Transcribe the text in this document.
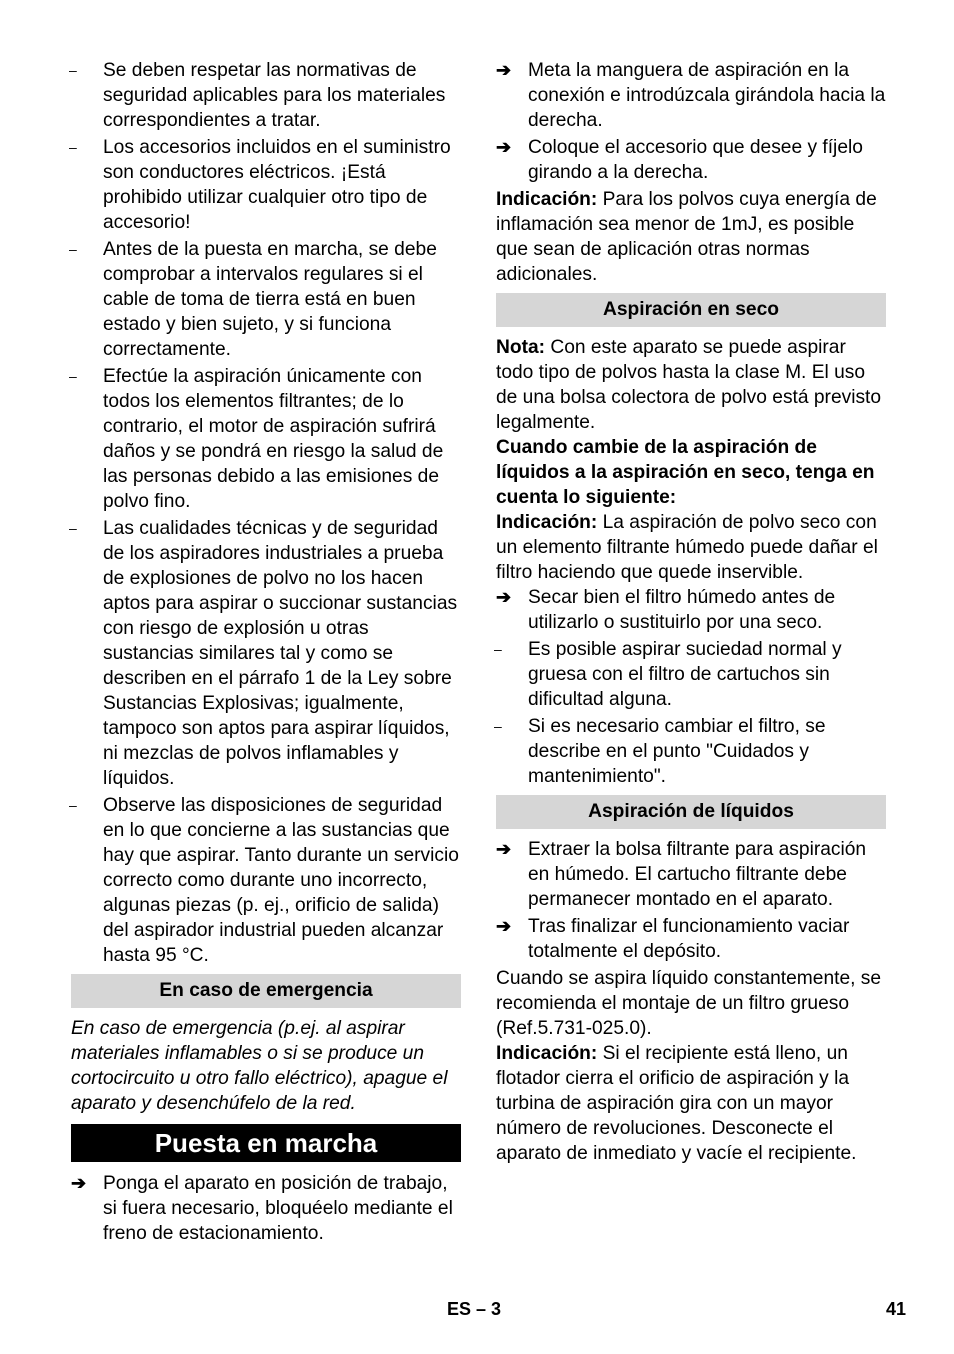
– Se deben respetar las normativas de seguridad aplicables para los materiales correspondientes a tratar.
– Los accesorios incluidos en el suministro son conductores eléctricos. ¡Está prohibido utilizar cualquier otro tipo de accesorio!
– Antes de la puesta en marcha, se debe comprobar a intervalos regulares si el cable de toma de tierra está en buen estado y bien sujeto, y si funciona correctamente.
– Efectúe la aspiración únicamente con todos los elementos filtrantes; de lo contrario, el motor de aspiración sufrirá daños y se pondrá en riesgo la salud de las personas debido a las emisiones de polvo fino.
– Las cualidades técnicas y de seguridad de los aspiradores industriales a prueba de explosiones de polvo no los hacen aptos para aspirar o succionar sustancias con riesgo de explosión u otras sustancias similares tal y como se describen en el párrafo 1 de la Ley sobre Sustancias Explosivas; igualmente, tampoco son aptos para aspirar líquidos, ni mezclas de polvos inflamables y líquidos.
– Observe las disposiciones de seguridad en lo que concierne a las sustancias que hay que aspirar. Tanto durante un servicio correcto como durante uno incorrecto, algunas piezas (p. ej., orificio de salida) del aspirador industrial pueden alcanzar hasta 95 °C.
En caso de emergencia

En caso de emergencia (p.ej. al aspirar materiales inflamables o si se produce un cortocircuito u otro fallo eléctrico), apague el aparato y desenchúfelo de la red.

Puesta en marcha
➔ Ponga el aparato en posición de trabajo, si fuera necesario, bloquéelo mediante el freno de estacionamiento.
➔ Meta la manguera de aspiración en la conexión e introdúzcala girándola hacia la derecha.
➔ Coloque el accesorio que desee y fíjelo girando a la derecha.

Indicación: Para los polvos cuya energía de inflamación sea menor de 1mJ, es posible que sean de aplicación otras normas adicionales.

Aspiración en seco

Nota: Con este aparato se puede aspirar todo tipo de polvos hasta la clase M. El uso de una bolsa colectora de polvo está previsto legalmente.

Cuando cambie de la aspiración de líquidos a la aspiración en seco, tenga en cuenta lo siguiente:

Indicación: La aspiración de polvo seco con un elemento filtrante húmedo puede dañar el filtro haciendo que quede inservible.

➔ Secar bien el filtro húmedo antes de utilizarlo o sustituirlo por una seco.
– Es posible aspirar suciedad normal y gruesa con el filtro de cartuchos sin dificultad alguna.
– Si es necesario cambiar el filtro, se describe en el punto "Cuidados y mantenimiento".
Aspiración de líquidos
➔ Extraer la bolsa filtrante para aspiración en húmedo. El cartucho filtrante debe permanecer montado en el aparato.
➔ Tras finalizar el funcionamiento vaciar totalmente el depósito.

Cuando se aspira líquido constantemente, se recomienda el montaje de un filtro grueso (Ref.5.731-025.0).

Indicación: Si el recipiente está lleno, un flotador cierra el orificio de aspiración y la turbina de aspiración gira con un mayor número de revoluciones. Desconecte el aparato de inmediato y vacíe el recipiente.

ES – 3	41
